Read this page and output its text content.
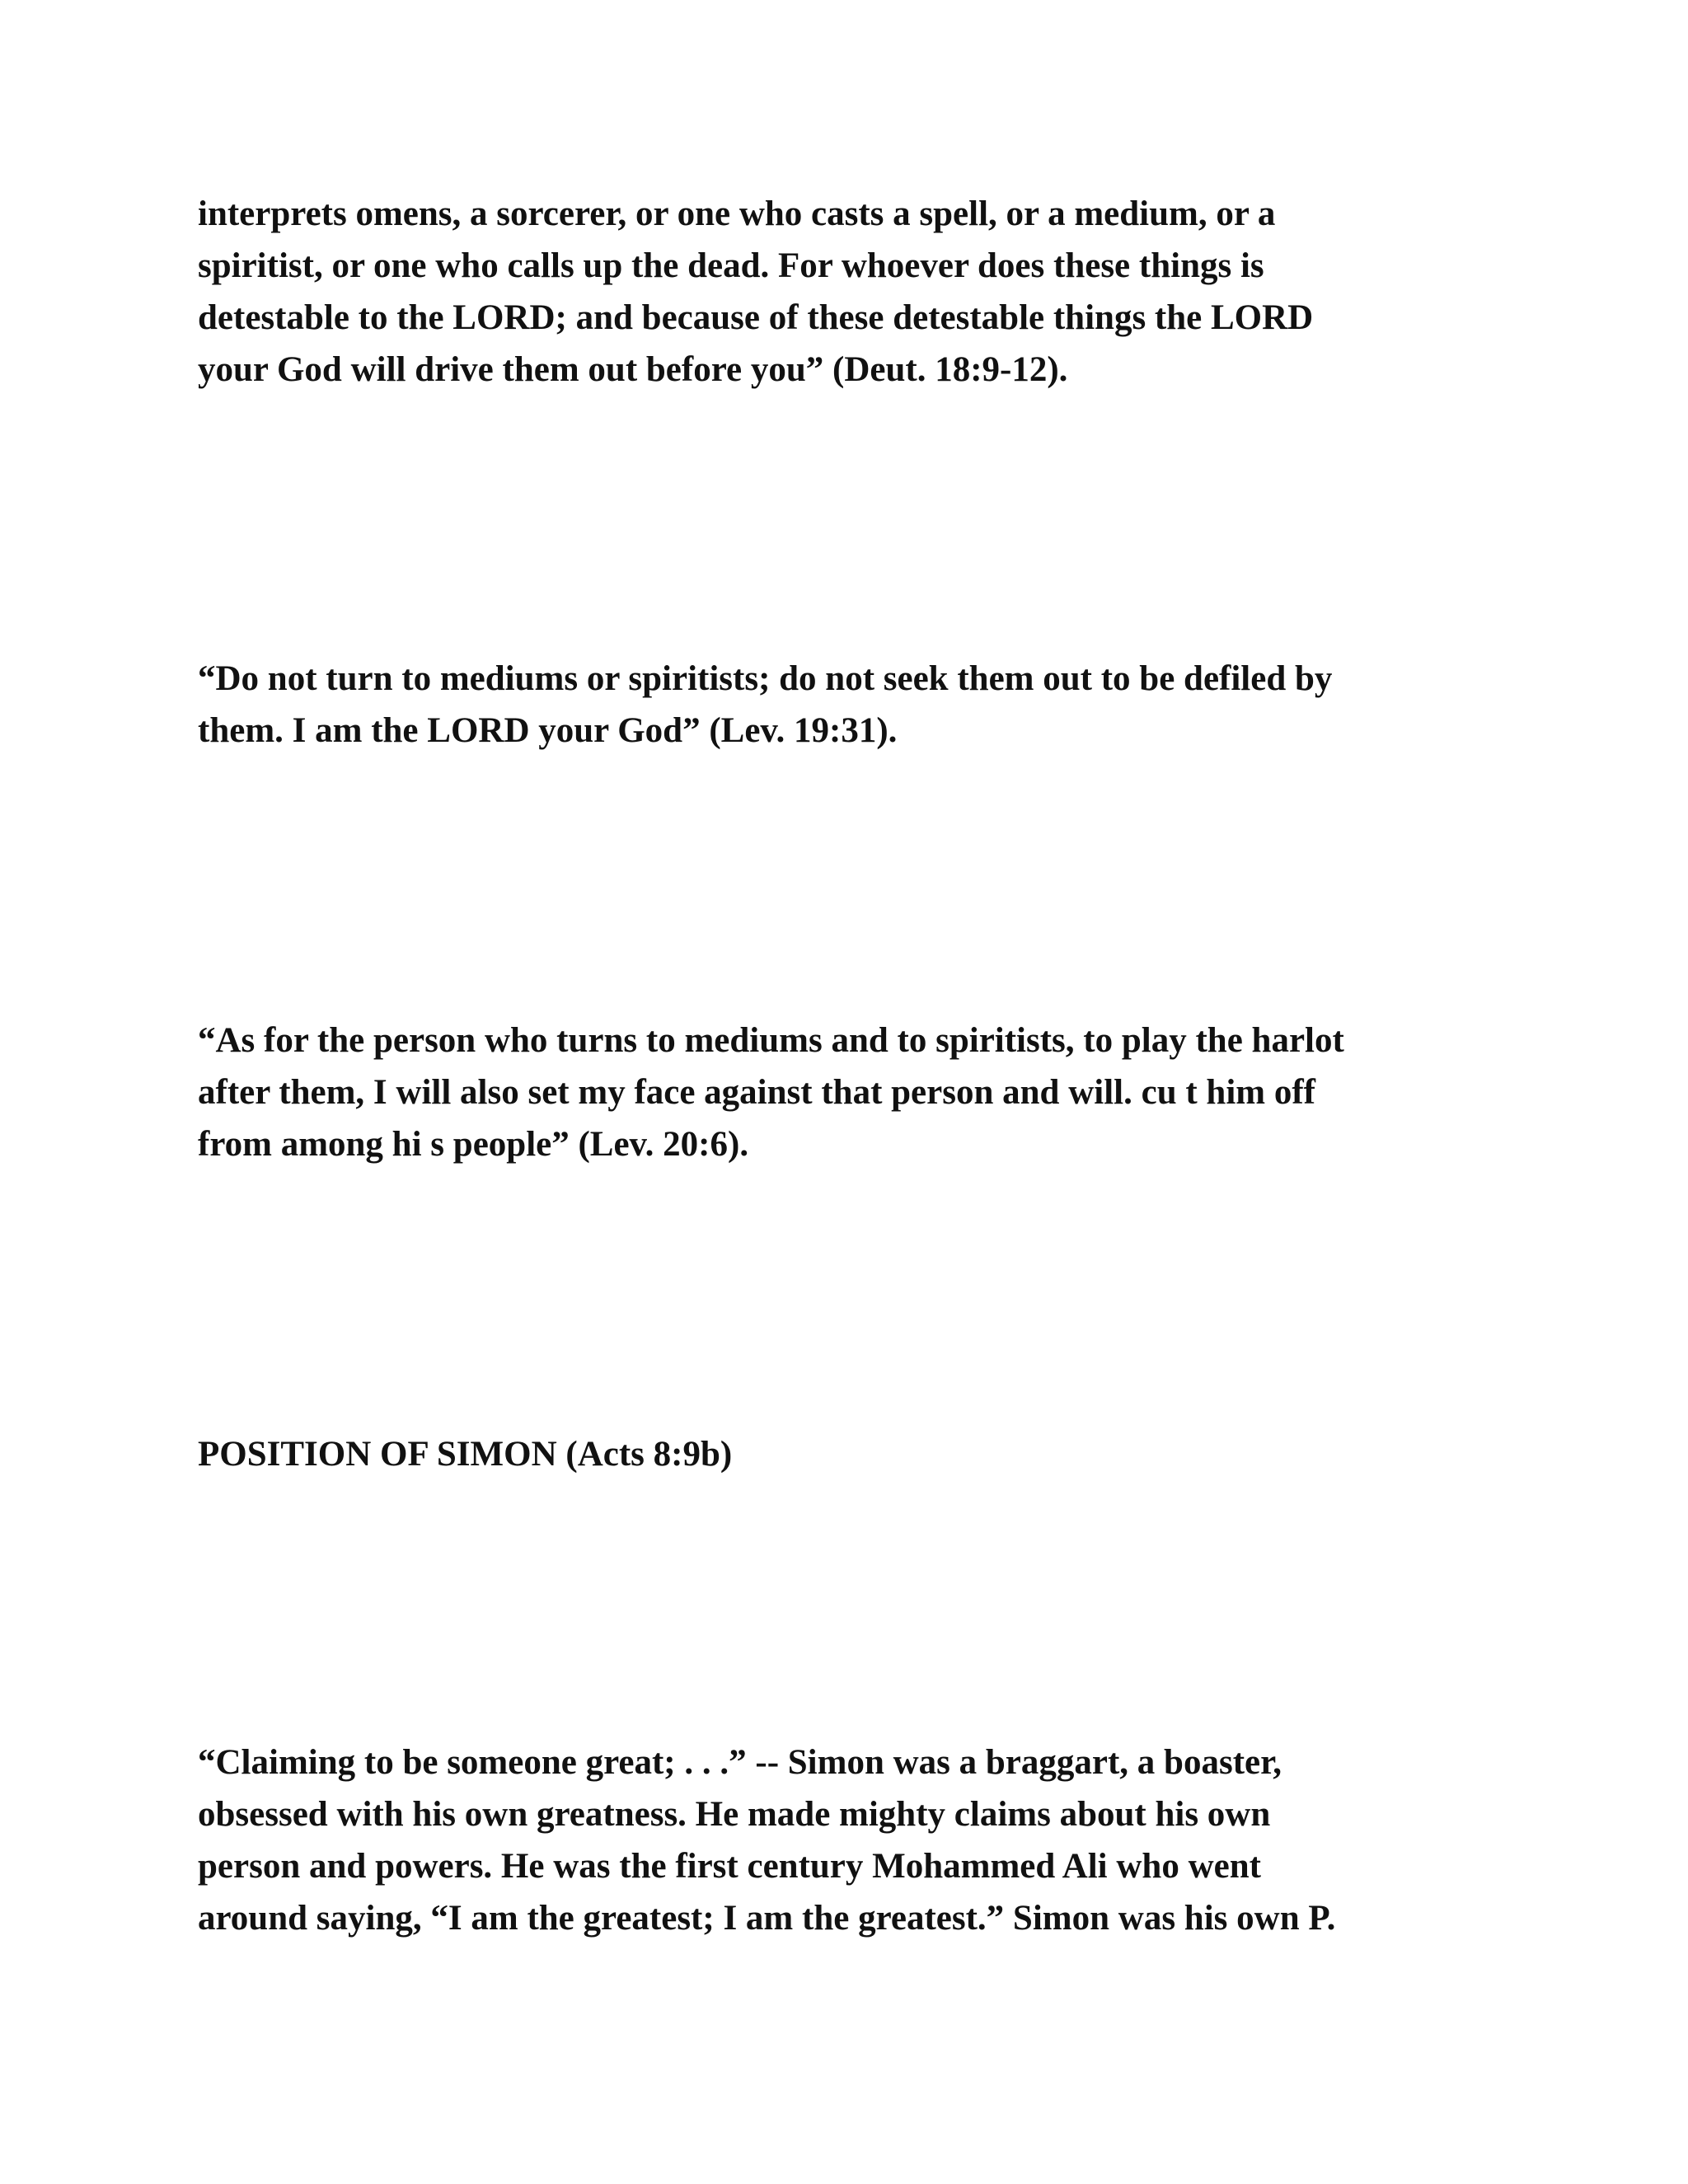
interprets omens, a sorcerer, or one who casts a spell, or a medium, or a
spiritist, or one who calls up the dead. For whoever does these things is
detestable to the LORD; and because of these detestable things the LORD
your God will drive them out before you” (Deut. 18:9-12).

“Do not turn to mediums or spiritists; do not seek them out to be defiled by
them. I am the LORD your God” (Lev. 19:31).

“As for the person who turns to mediums and to spiritists, to play the harlot
after them, I will also set my face against that person and will. cu t him off
from among hi s people” (Lev. 20:6).

POSITION OF SIMON (Acts 8:9b)

“Claiming to be someone great; . . .” -- Simon was a braggart, a boaster,
obsessed with his own greatness. He made mighty claims about his own
person and powers. He was the first century Mohammed Ali who went
around saying, “I am the greatest; I am the greatest.” Simon was his own P.
